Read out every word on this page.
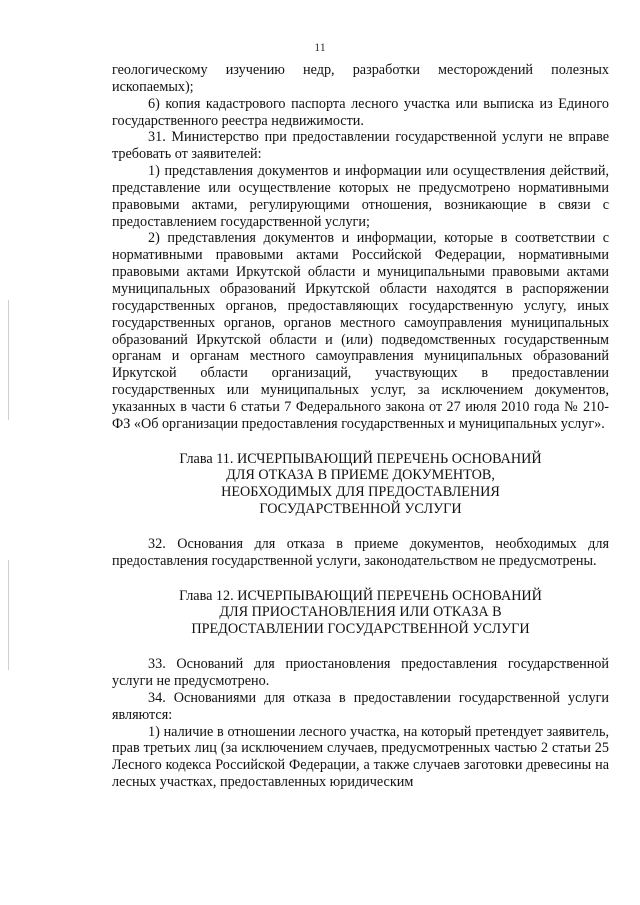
11

геологическому изучению недр, разработки месторождений полезных ископаемых);

6) копия кадастрового паспорта лесного участка или выписка из Единого государственного реестра недвижимости.

31. Министерство при предоставлении государственной услуги не вправе требовать от заявителей:

1) представления документов и информации или осуществления действий, представление или осуществление которых не предусмотрено нормативными правовыми актами, регулирующими отношения, возникающие в связи с предоставлением государственной услуги;

2) представления документов и информации, которые в соответствии с нормативными правовыми актами Российской Федерации, нормативными правовыми актами Иркутской области и муниципальными правовыми актами муниципальных образований Иркутской области находятся в распоряжении государственных органов, предоставляющих государственную услугу, иных государственных органов, органов местного самоуправления муниципальных образований Иркутской области и (или) подведомственных государственным органам и органам местного самоуправления муниципальных образований Иркутской области организаций, участвующих в предоставлении государственных или муниципальных услуг, за исключением документов, указанных в части 6 статьи 7 Федерального закона от 27 июля 2010 года № 210-ФЗ «Об организации предоставления государственных и муниципальных услуг».

Глава 11. ИСЧЕРПЫВАЮЩИЙ ПЕРЕЧЕНЬ ОСНОВАНИЙ

ДЛЯ ОТКАЗА В ПРИЕМЕ ДОКУМЕНТОВ,

НЕОБХОДИМЫХ ДЛЯ ПРЕДОСТАВЛЕНИЯ

ГОСУДАРСТВЕННОЙ УСЛУГИ

32. Основания для отказа в приеме документов, необходимых для предоставления государственной услуги, законодательством не предусмотрены.

Глава 12. ИСЧЕРПЫВАЮЩИЙ ПЕРЕЧЕНЬ ОСНОВАНИЙ

ДЛЯ ПРИОСТАНОВЛЕНИЯ ИЛИ ОТКАЗА В

ПРЕДОСТАВЛЕНИИ ГОСУДАРСТВЕННОЙ УСЛУГИ

33. Оснований для приостановления предоставления государственной услуги не предусмотрено.

34. Основаниями для отказа в предоставлении государственной услуги являются:

1) наличие в отношении лесного участка, на который претендует заявитель, прав третьих лиц (за исключением случаев, предусмотренных частью 2 статьи 25 Лесного кодекса Российской Федерации, а также случаев заготовки древесины на лесных участках, предоставленных юридическим
